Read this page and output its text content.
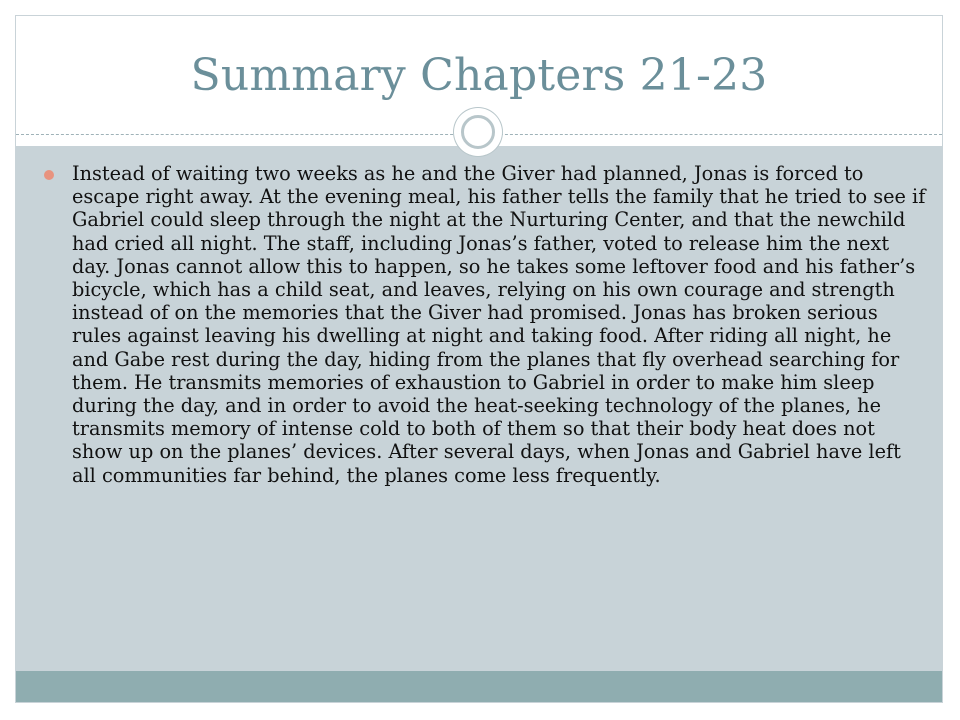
Summary Chapters 21-23
Instead of waiting two weeks as he and the Giver had planned, Jonas is forced to escape right away. At the evening meal, his father tells the family that he tried to see if Gabriel could sleep through the night at the Nurturing Center, and that the newchild had cried all night. The staff, including Jonas’s father, voted to release him the next day. Jonas cannot allow this to happen, so he takes some leftover food and his father’s bicycle, which has a child seat, and leaves, relying on his own courage and strength instead of on the memories that the Giver had promised. Jonas has broken serious rules against leaving his dwelling at night and taking food. After riding all night, he and Gabe rest during the day, hiding from the planes that fly overhead searching for them. He transmits memories of exhaustion to Gabriel in order to make him sleep during the day, and in order to avoid the heat-seeking technology of the planes, he transmits memory of intense cold to both of them so that their body heat does not show up on the planes’ devices. After several days, when Jonas and Gabriel have left all communities far behind, the planes come less frequently.
